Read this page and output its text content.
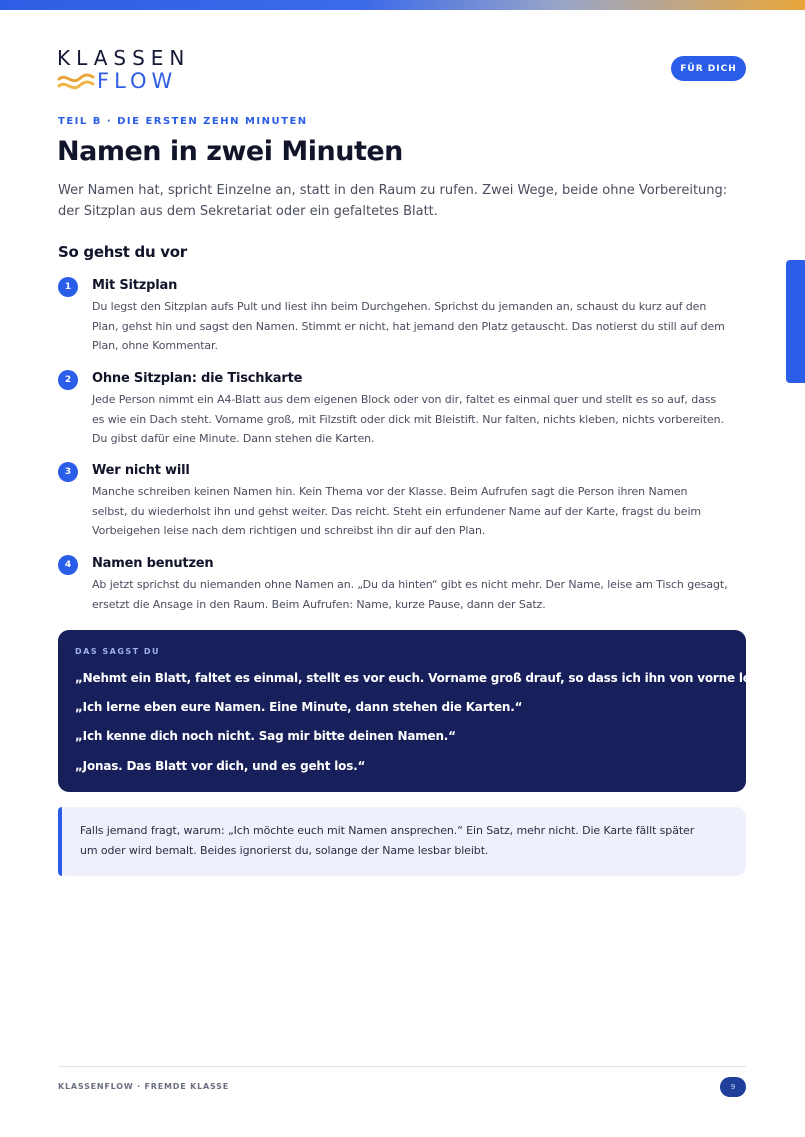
KLASSEN
FLOW
FÜR DICH
TEIL B · DIE ERSTEN ZEHN MINUTEN
Namen in zwei Minuten
Wer Namen hat, spricht Einzelne an, statt in den Raum zu rufen. Zwei Wege, beide ohne Vorbereitung:
der Sitzplan aus dem Sekretariat oder ein gefaltetes Blatt.
So gehst du vor
1	Mit Sitzplan
Du legst den Sitzplan aufs Pult und liest ihn beim Durchgehen. Sprichst du jemanden an, schaust du kurz auf den
Plan, gehst hin und sagst den Namen. Stimmt er nicht, hat jemand den Platz getauscht. Das notierst du still auf dem
Plan, ohne Kommentar.
2	Ohne Sitzplan: die Tischkarte
Jede Person nimmt ein A4-Blatt aus dem eigenen Block oder von dir, faltet es einmal quer und stellt es so auf, dass
es wie ein Dach steht. Vorname groß, mit Filzstift oder dick mit Bleistift. Nur falten, nichts kleben, nichts vorbereiten.
Du gibst dafür eine Minute. Dann stehen die Karten.
3	Wer nicht will
Manche schreiben keinen Namen hin. Kein Thema vor der Klasse. Beim Aufrufen sagt die Person ihren Namen
selbst, du wiederholst ihn und gehst weiter. Das reicht. Steht ein erfundener Name auf der Karte, fragst du beim
Vorbeigehen leise nach dem richtigen und schreibst ihn dir auf den Plan.
4	Namen benutzen
Ab jetzt sprichst du niemanden ohne Namen an. „Du da hinten“ gibt es nicht mehr. Der Name, leise am Tisch gesagt,
ersetzt die Ansage in den Raum. Beim Aufrufen: Name, kurze Pause, dann der Satz.
DAS SAGST DU
„Nehmt ein Blatt, faltet es einmal, stellt es vor euch. Vorname groß drauf, so dass ich ihn von vorne lese.“
„Ich lerne eben eure Namen. Eine Minute, dann stehen die Karten.“
„Ich kenne dich noch nicht. Sag mir bitte deinen Namen.“
„Jonas. Das Blatt vor dich, und es geht los.“
Falls jemand fragt, warum: „Ich möchte euch mit Namen ansprechen.“ Ein Satz, mehr nicht. Die Karte fällt später
um oder wird bemalt. Beides ignorierst du, solange der Name lesbar bleibt.
KLASSENFLOW · FREMDE KLASSE	9
